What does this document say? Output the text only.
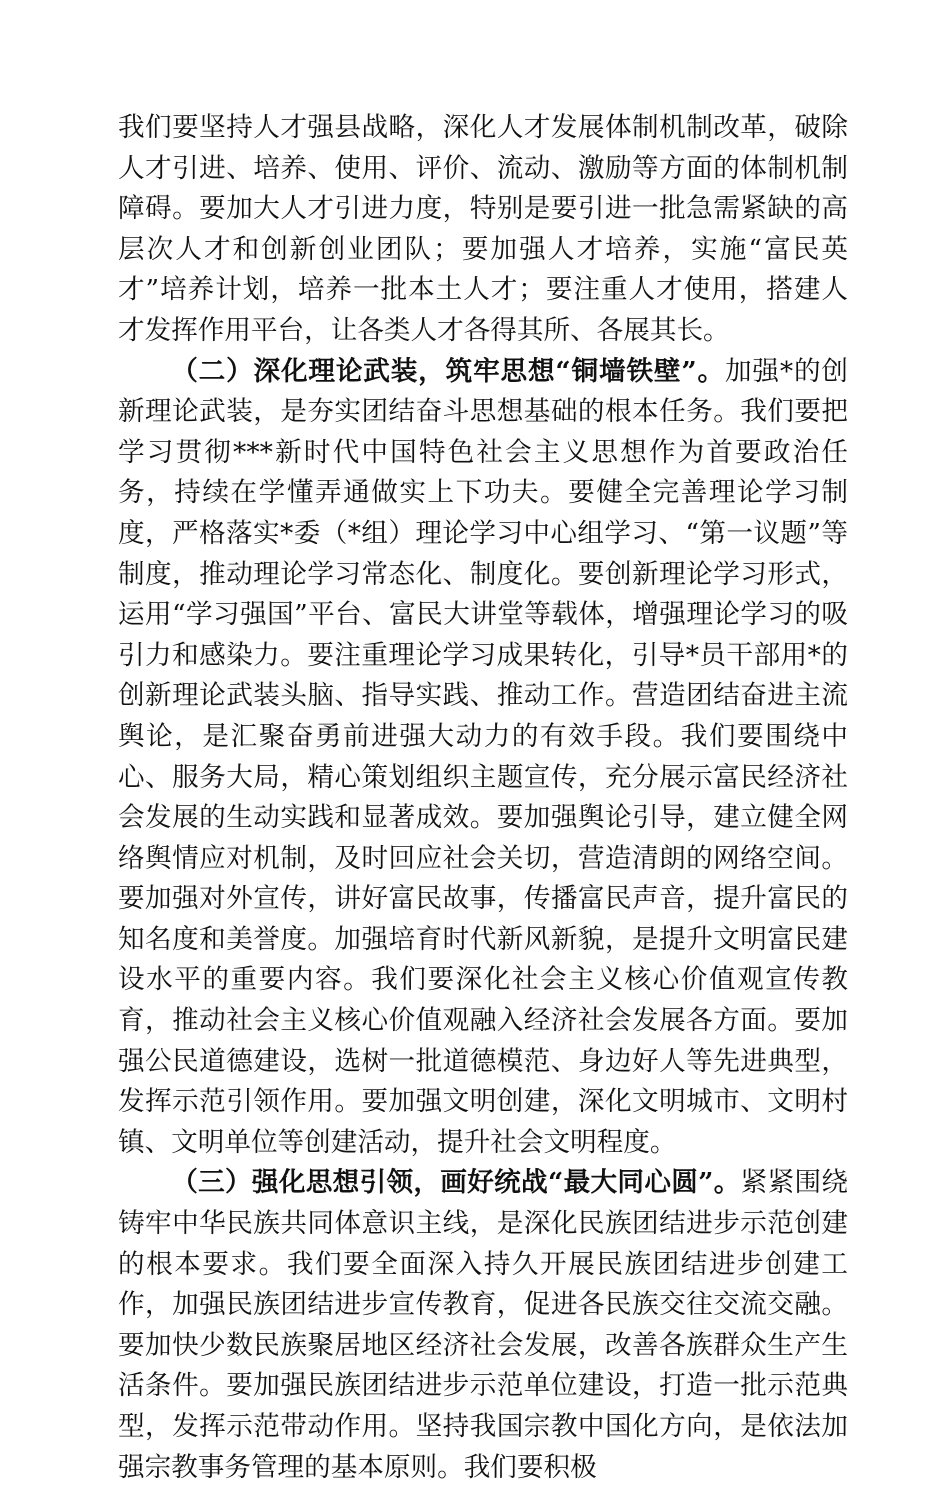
我们要坚持人才强县战略，深化人才发展体制机制改革，破除人才引进、培养、使用、评价、流动、激励等方面的体制机制障碍。要加大人才引进力度，特别是要引进一批急需紧缺的高层次人才和创新创业团队；要加强人才培养，实施“富民英才”培养计划，培养一批本土人才；要注重人才使用，搭建人才发挥作用平台，让各类人才各得其所、各展其长。

（二）深化理论武装，筑牢思想“铜墙铁壁”。加强*的创新理论武装，是夯实团结奋斗思想基础的根本任务。我们要把学习贯彻***新时代中国特色社会主义思想作为首要政治任务，持续在学懂弄通做实上下功夫。要健全完善理论学习制度，严格落实*委（*组）理论学习中心组学习、“第一议题”等制度，推动理论学习常态化、制度化。要创新理论学习形式，运用“学习强国”平台、富民大讲堂等载体，增强理论学习的吸引力和感染力。要注重理论学习成果转化，引导*员干部用*的创新理论武装头脑、指导实践、推动工作。营造团结奋进主流舆论，是汇聚奋勇前进强大动力的有效手段。我们要围绕中心、服务大局，精心策划组织主题宣传，充分展示富民经济社会发展的生动实践和显著成效。要加强舆论引导，建立健全网络舆情应对机制，及时回应社会关切，营造清朗的网络空间。要加强对外宣传，讲好富民故事，传播富民声音，提升富民的知名度和美誉度。加强培育时代新风新貌，是提升文明富民建设水平的重要内容。我们要深化社会主义核心价值观宣传教育，推动社会主义核心价值观融入经济社会发展各方面。要加强公民道德建设，选树一批道德模范、身边好人等先进典型，发挥示范引领作用。要加强文明创建，深化文明城市、文明村镇、文明单位等创建活动，提升社会文明程度。

（三）强化思想引领，画好统战“最大同心圆”。紧紧围绕铸牢中华民族共同体意识主线，是深化民族团结进步示范创建的根本要求。我们要全面深入持久开展民族团结进步创建工作，加强民族团结进步宣传教育，促进各民族交往交流交融。要加快少数民族聚居地区经济社会发展，改善各族群众生产生活条件。要加强民族团结进步示范单位建设，打造一批示范典型，发挥示范带动作用。坚持我国宗教中国化方向，是依法加强宗教事务管理的基本原则。我们要积极
